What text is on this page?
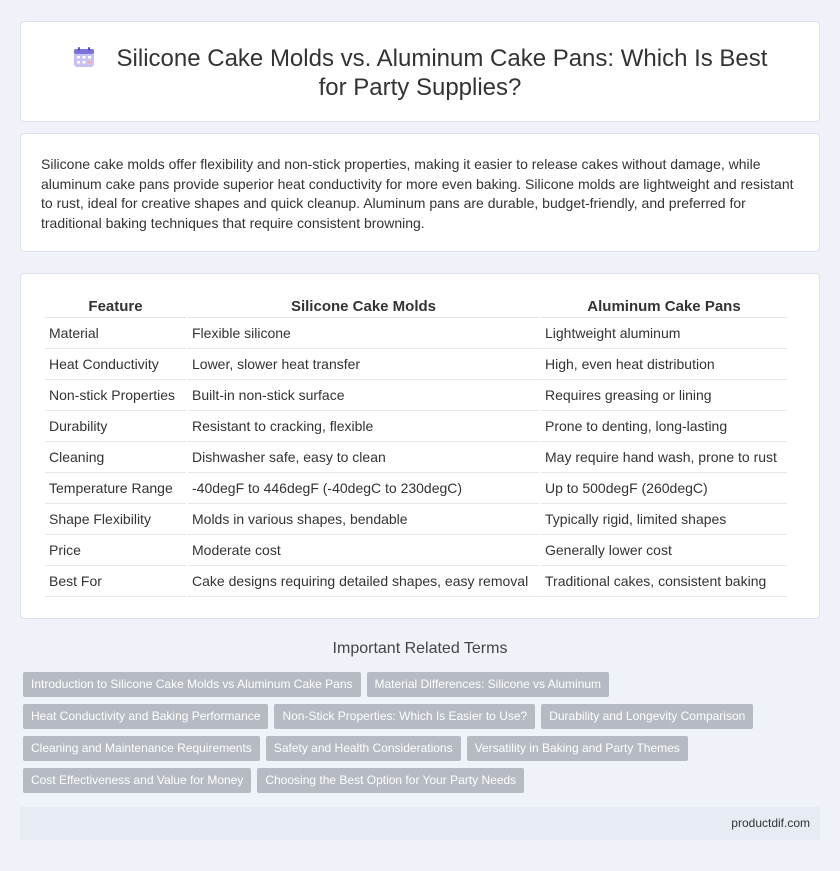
Silicone Cake Molds vs. Aluminum Cake Pans: Which Is Best for Party Supplies?

Silicone cake molds offer flexibility and non-stick properties, making it easier to release cakes without damage, while aluminum cake pans provide superior heat conductivity for more even baking. Silicone molds are lightweight and resistant to rust, ideal for creative shapes and quick cleanup. Aluminum pans are durable, budget-friendly, and preferred for traditional baking techniques that require consistent browning.

Feature	Silicone Cake Molds	Aluminum Cake Pans
Material	Flexible silicone	Lightweight aluminum
Heat Conductivity	Lower, slower heat transfer	High, even heat distribution
Non-stick Properties	Built-in non-stick surface	Requires greasing or lining
Durability	Resistant to cracking, flexible	Prone to denting, long-lasting
Cleaning	Dishwasher safe, easy to clean	May require hand wash, prone to rust
Temperature Range	-40degF to 446degF (-40degC to 230degC)	Up to 500degF (260degC)
Shape Flexibility	Molds in various shapes, bendable	Typically rigid, limited shapes
Price	Moderate cost	Generally lower cost
Best For	Cake designs requiring detailed shapes, easy removal	Traditional cakes, consistent baking
Important Related Terms
Introduction to Silicone Cake Molds vs Aluminum Cake Pans Material Differences: Silicone vs Aluminum
Heat Conductivity and Baking Performance Non-Stick Properties: Which Is Easier to Use? Durability and Longevity Comparison
Cleaning and Maintenance Requirements Safety and Health Considerations Versatility in Baking and Party Themes
Cost Effectiveness and Value for Money Choosing the Best Option for Your Party Needs
productdif.com
